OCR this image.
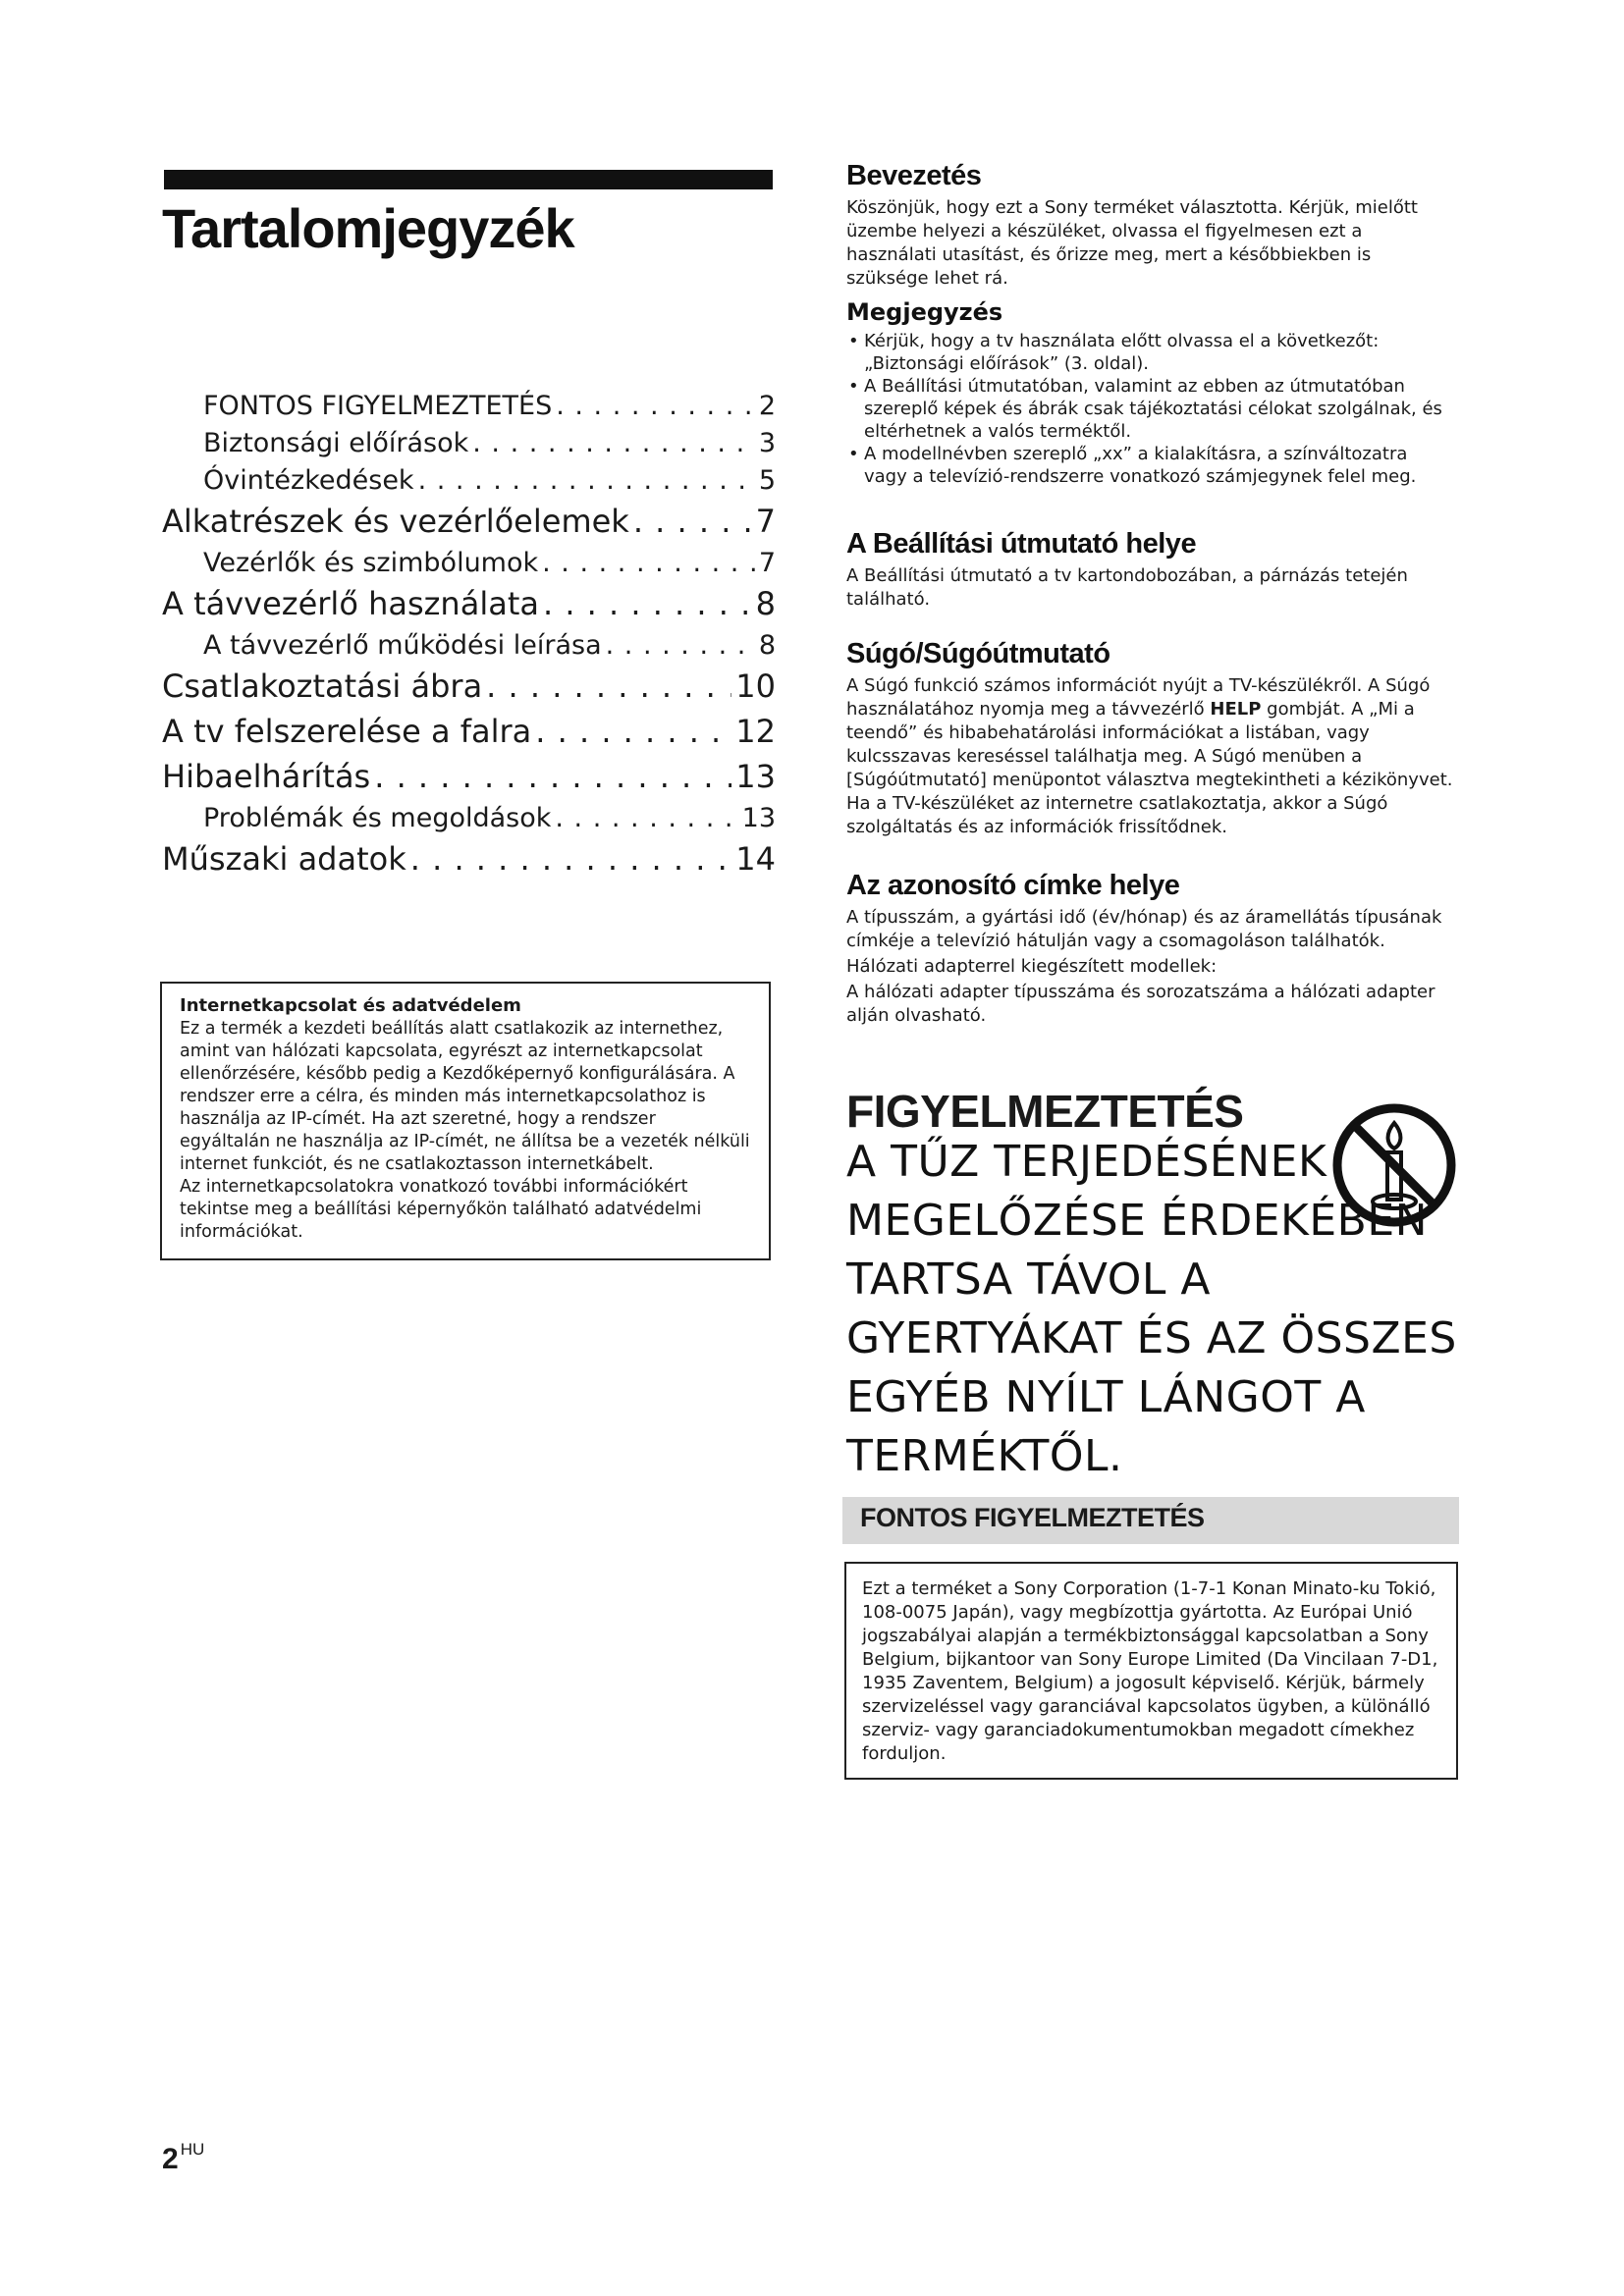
Tartalomjegyzék
FONTOS FIGYELMEZTETÉS . . .	2
Biztonsági előírások . . .	3
Óvintézkedések . . .	5
Alkatrészek és vezérlőelemek . . .	7
Vezérlők és szimbólumok . . .	7
A távvezérlő használata . . .	8
A távvezérlő működési leírása . . .	8
Csatlakoztatási ábra . . .	10
A tv felszerelése a falra . . .	12
Hibaelhárítás . . .	13
Problémák és megoldások . . .	13
Műszaki adatok . . .	14
Internetkapcsolat és adatvédelem

Ez a termék a kezdeti beállítás alatt csatlakozik az internethez, amint van hálózati kapcsolata, egyrészt az internetkapcsolat ellenőrzésére, később pedig a Kezdőképernyő konfigurálására. A rendszer erre a célra, és minden más internetkapcsolathoz is használja az IP-címét. Ha azt szeretné, hogy a rendszer egyáltalán ne használja az IP-címét, ne állítsa be a vezeték nélküli internet funkciót, és ne csatlakoztasson internetkábelt.

Az internetkapcsolatokra vonatkozó további információkért tekintse meg a beállítási képernyőkön található adatvédelmi információkat.

2 $^{HU}$
Bevezetés

Köszönjük, hogy ezt a Sony terméket választotta. Kérjük, mielőtt üzembe helyezi a készüléket, olvassa el figyelmesen ezt a használati utasítást, és őrizze meg, mert a későbbiekben is szüksége lehet rá.

Megjegyzés

• Kérjük, hogy a tv használata előtt olvassa el a következőt: „Biztonsági előírások” (3. oldal).

• A Beállítási útmutatóban, valamint az ebben az útmutatóban szereplő képek és ábrák csak tájékoztatási célokat szolgálnak, és eltérhetnek a valós terméktől.

• A modellnévben szereplő „xx” a kialakításra, a színváltozatra vagy a televízió-rendszerre vonatkozó számjegynek felel meg.

A Beállítási útmutató helye

A Beállítási útmutató a tv kartondobozában, a párnázás tetején található.

Súgó/Súgóútmutató

A Súgó funkció számos információt nyújt a TV-készülékről. A Súgó használatához nyomja meg a távvezérlő HELP gombját. A „Mi a teendő” és hibabehatárolási információkat a listában, vagy kulcsszavas kereséssel találhatja meg. A Súgó menüben a [Súgóútmutató] menüpontot választva megtekintheti a kézikönyvet. Ha a TV-készüléket az internetre csatlakoztatja, akkor a Súgó szolgáltatás és az információk frissítődnek.

Az azonosító címke helye

A típusszám, a gyártási idő (év/hónap) és az áramellátás típusának címkéje a televízió hátulján vagy a csomagoláson találhatók.

Hálózati adapterrel kiegészített modellek:

A hálózati adapter típusszáma és sorozatszáma a hálózati adapter alján olvasható.

FIGYELMEZTETÉS

A TŰZ TERJEDÉSÉNEK MEGELŐZÉSE ÉRDEKÉBEN TARTSA TÁVOL A GYERTYÁKAT ÉS AZ ÖSSZES EGYÉB NYÍLT LÁNGOT A TERMÉKTŐL.

FONTOS FIGYELMEZTETÉS

Ezt a terméket a Sony Corporation (1-7-1 Konan Minato-ku Tokió, 108-0075 Japán), vagy megbízottja gyártotta. Az Európai Unió jogszabályai alapján a termékbiztonsággal kapcsolatban a Sony Belgium, bijkantoor van Sony Europe Limited (Da Vincilaan 7-D1, 1935 Zaventem, Belgium) a jogosult képviselő. Kérjük, bármely szervizeléssel vagy garanciával kapcsolatos ügyben, a különálló szerviz- vagy garanciadokumentumokban megadott címekhez forduljon.
